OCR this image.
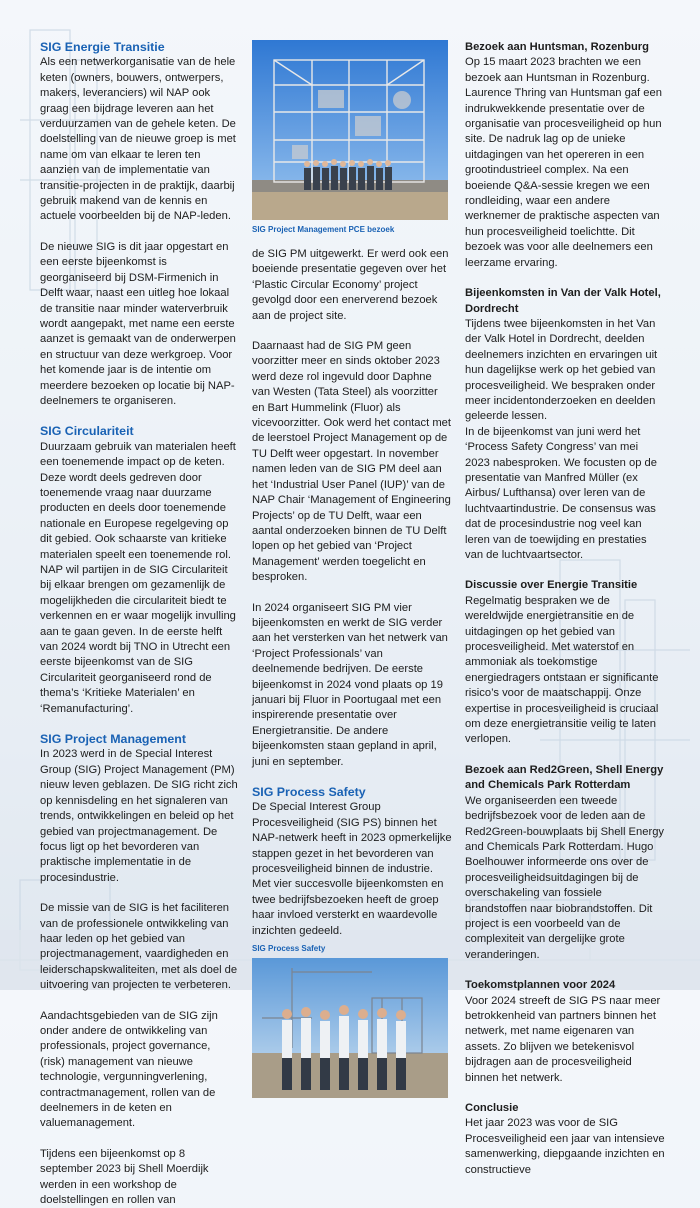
SIG Energie Transitie

Als een netwerkorganisatie van de hele keten (owners, bouwers, ontwerpers, makers, leveranciers) wil NAP ook graag een bijdrage leveren aan het verduurzamen van de gehele keten. De doelstelling van de nieuwe groep is met name om van elkaar te leren ten aanzien van de implementatie van transitie-projecten in de praktijk, daarbij gebruik makend van de kennis en actuele voorbeelden bij de NAP-leden.

De nieuwe SIG is dit jaar opgestart en een eerste bijeenkomst is georganiseerd bij DSM-Firmenich in Delft waar, naast een uitleg hoe lokaal de transitie naar minder waterverbruik wordt aangepakt, met name een eerste aanzet is gemaakt van de onderwerpen en structuur van deze werkgroep. Voor het komende jaar is de intentie om meerdere bezoeken op locatie bij NAP-deelnemers te organiseren.

SIG Circulariteit

Duurzaam gebruik van materialen heeft een toenemende impact op de keten. Deze wordt deels gedreven door toenemende vraag naar duurzame producten en deels door toenemende nationale en Europese regelgeving op dit gebied. Ook schaarste van kritieke materialen speelt een toenemende rol. NAP wil partijen in de SIG Circulariteit bij elkaar brengen om gezamenlijk de mogelijkheden die circulariteit biedt te verkennen en er waar mogelijk invulling aan te gaan geven. In de eerste helft van 2024 wordt bij TNO in Utrecht een eerste bijeenkomst van de SIG Circulariteit georganiseerd rond de thema’s ‘Kritieke Materialen’ en ‘Remanufacturing’.

SIG Project Management

In 2023 werd in de Special Interest Group (SIG) Project Management (PM) nieuw leven geblazen. De SIG richt zich op kennisdeling en het signaleren van trends, ontwikkelingen en beleid op het gebied van projectmanagement. De focus ligt op het bevorderen van praktische implementatie in de procesindustrie.

De missie van de SIG is het faciliteren van de professionele ontwikkeling van haar leden op het gebied van projectmanagement, vaardigheden en leiderschapskwaliteiten, met als doel de uitvoering van projecten te verbeteren.

Aandachtsgebieden van de SIG zijn onder andere de ontwikkeling van professionals, project governance, (risk) management van nieuwe technologie, vergunningverlening, contractmanagement, rollen van de deelnemers in de keten en valuemanagement.

Tijdens een bijeenkomst op 8 september 2023 bij Shell Moerdijk werden in een workshop de doelstellingen en rollen van

SIG Project Management PCE bezoek

de SIG PM uitgewerkt. Er werd ook een boeiende presentatie gegeven over het ‘Plastic Circular Economy’ project gevolgd door een enerverend bezoek aan de project site.

Daarnaast had de SIG PM geen voorzitter meer en sinds oktober 2023 werd deze rol ingevuld door Daphne van Westen (Tata Steel) als voorzitter en Bart Hummelink (Fluor) als vicevoorzitter. Ook werd het contact met de leerstoel Project Management op de TU Delft weer opgestart. In november namen leden van de SIG PM deel aan het ‘Industrial User Panel (IUP)’ van de NAP Chair ‘Management of Engineering Projects’ op de TU Delft, waar een aantal onderzoeken binnen de TU Delft lopen op het gebied van ‘Project Management’ werden toegelicht en besproken.

In 2024 organiseert SIG PM vier bijeenkomsten en werkt de SIG verder aan het versterken van het netwerk van ‘Project Professionals’ van deelnemende bedrijven. De eerste bijeenkomst in 2024 vond plaats op 19 januari bij Fluor in Poortugaal met een inspirerende presentatie over Energietransitie. De andere bijeenkomsten staan gepland in april, juni en september.

SIG Process Safety

De Special Interest Group Procesveiligheid (SIG PS) binnen het NAP-netwerk heeft in 2023 opmerkelijke stappen gezet in het bevorderen van procesveiligheid binnen de industrie. Met vier succesvolle bijeenkomsten en twee bedrijfsbezoeken heeft de groep haar invloed versterkt en waardevolle inzichten gedeeld.

SIG Process Safety
Bezoek aan Huntsman, Rozenburg

Op 15 maart 2023 brachten we een bezoek aan Huntsman in Rozenburg. Laurence Thring van Huntsman gaf een indrukwekkende presentatie over de organisatie van procesveiligheid op hun site. De nadruk lag op de unieke uitdagingen van het opereren in een grootindustrieel complex. Na een boeiende Q&A-sessie kregen we een rondleiding, waar een andere werknemer de praktische aspecten van hun procesveiligheid toelichtte. Dit bezoek was voor alle deelnemers een leerzame ervaring.

Bijeenkomsten in Van der Valk Hotel, Dordrecht

Tijdens twee bijeenkomsten in het Van der Valk Hotel in Dordrecht, deelden deelnemers inzichten en ervaringen uit hun dagelijkse werk op het gebied van procesveiligheid. We bespraken onder meer incidentonderzoeken en deelden geleerde lessen.

In de bijeenkomst van juni werd het ‘Process Safety Congress’ van mei 2023 nabesproken. We focusten op de presentatie van Manfred Müller (ex Airbus/ Lufthansa) over leren van de luchtvaartindustrie. De consensus was dat de procesindustrie nog veel kan leren van de toewijding en prestaties van de luchtvaartsector.

Discussie over Energie Transitie

Regelmatig bespraken we de wereldwijde energietransitie en de uitdagingen op het gebied van procesveiligheid. Met waterstof en ammoniak als toekomstige energiedragers ontstaan er significante risico’s voor de maatschappij. Onze expertise in procesveiligheid is cruciaal om deze energietransitie veilig te laten verlopen.

Bezoek aan Red2Green, Shell Energy and Chemicals Park Rotterdam

We organiseerden een tweede bedrijfsbezoek voor de leden aan de Red2Green-bouwplaats bij Shell Energy and Chemicals Park Rotterdam. Hugo Boelhouwer informeerde ons over de procesveiligheidsuitdagingen bij de overschakeling van fossiele brandstoffen naar biobrandstoffen. Dit project is een voorbeeld van de complexiteit van dergelijke grote veranderingen.

Toekomstplannen voor 2024

Voor 2024 streeft de SIG PS naar meer betrokkenheid van partners binnen het netwerk, met name eigenaren van assets. Zo blijven we betekenisvol bijdragen aan de procesveiligheid binnen het netwerk.

Conclusie

Het jaar 2023 was voor de SIG Procesveiligheid een jaar van intensieve samenwerking, diepgaande inzichten en constructieve
